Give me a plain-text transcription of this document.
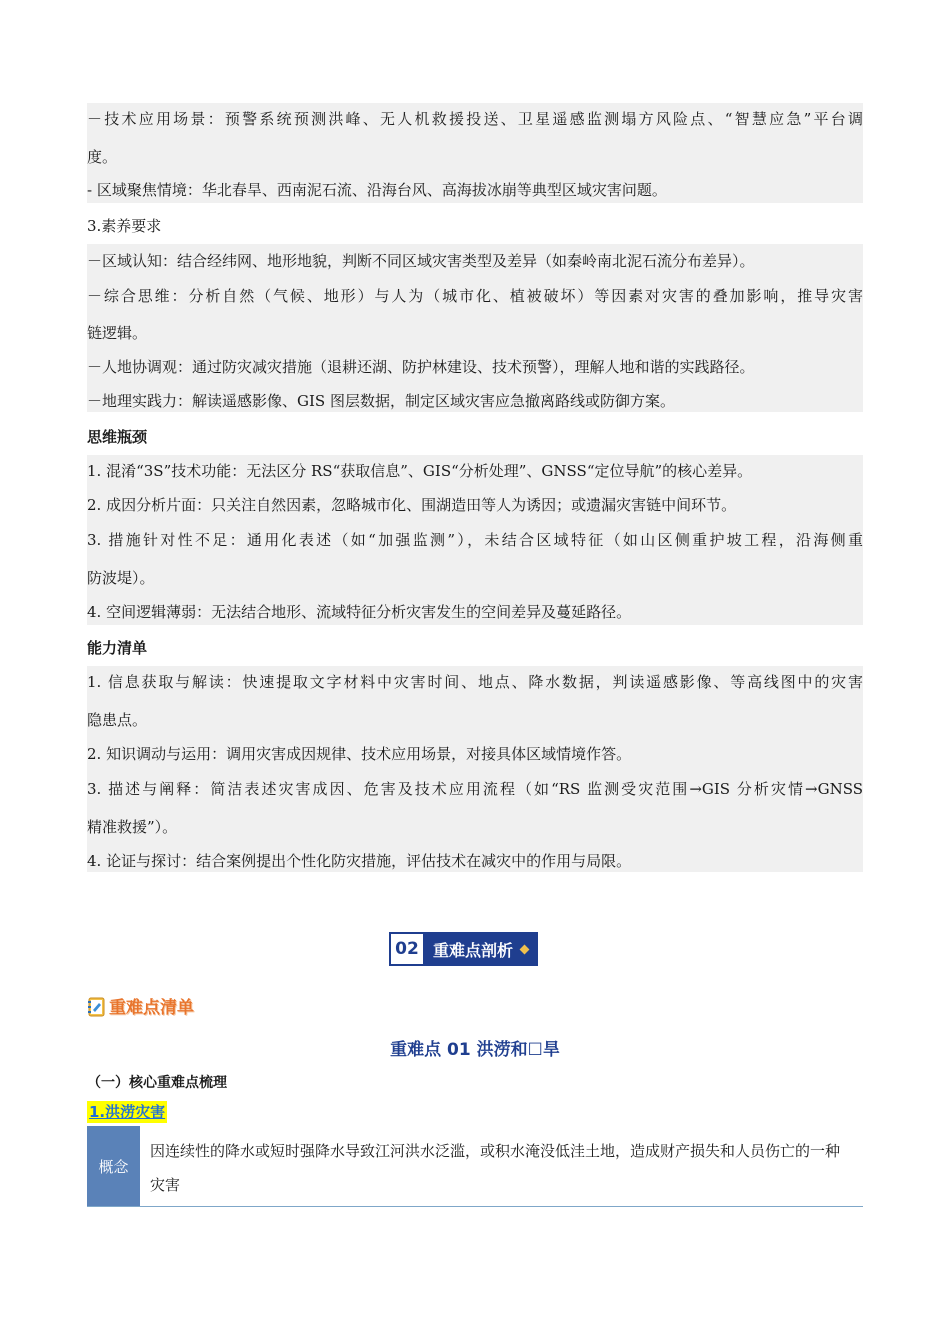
－技术应用场景：预警系统预测洪峰、无人机救援投送、卫星遥感监测塌方风险点、“智慧应急”平台调
度。
- 区域聚焦情境：华北春旱、西南泥石流、沿海台风、高海拔冰崩等典型区域灾害问题。
3.素养要求
－区域认知：结合经纬网、地形地貌，判断不同区域灾害类型及差异（如秦岭南北泥石流分布差异）。
－综合思维：分析自然（气候、地形）与人为（城市化、植被破坏）等因素对灾害的叠加影响，推导灾害
链逻辑。
－人地协调观：通过防灾减灾措施（退耕还湖、防护林建设、技术预警），理解人地和谐的实践路径。
－地理实践力：解读遥感影像、GIS 图层数据，制定区域灾害应急撤离路线或防御方案。
思维瓶颈
1. 混淆“3S”技术功能：无法区分 RS“获取信息”、GIS“分析处理”、GNSS“定位导航”的核心差异。
2. 成因分析片面：只关注自然因素，忽略城市化、围湖造田等人为诱因；或遗漏灾害链中间环节。
3. 措施针对性不足：通用化表述（如“加强监测”），未结合区域特征（如山区侧重护坡工程，沿海侧重
防波堤）。
4. 空间逻辑薄弱：无法结合地形、流域特征分析灾害发生的空间差异及蔓延路径。
能力清单
1. 信息获取与解读：快速提取文字材料中灾害时间、地点、降水数据，判读遥感影像、等高线图中的灾害
隐患点。
2. 知识调动与运用：调用灾害成因规律、技术应用场景，对接具体区域情境作答。
3. 描述与阐释：简洁表述灾害成因、危害及技术应用流程（如“RS 监测受灾范围→GIS 分析灾情→GNSS
精准救援”）。
4. 论证与探讨：结合案例提出个性化防灾措施，评估技术在减灾中的作用与局限。
02 重难点剖析
重难点清单
重难点 01 洪涝和☐旱
（一）核心重难点梳理
1.洪涝灾害
概念
因连续性的降水或短时强降水导致江河洪水泛滥，或积水淹没低洼土地，造成财产损失和人员伤亡的一种灾害
